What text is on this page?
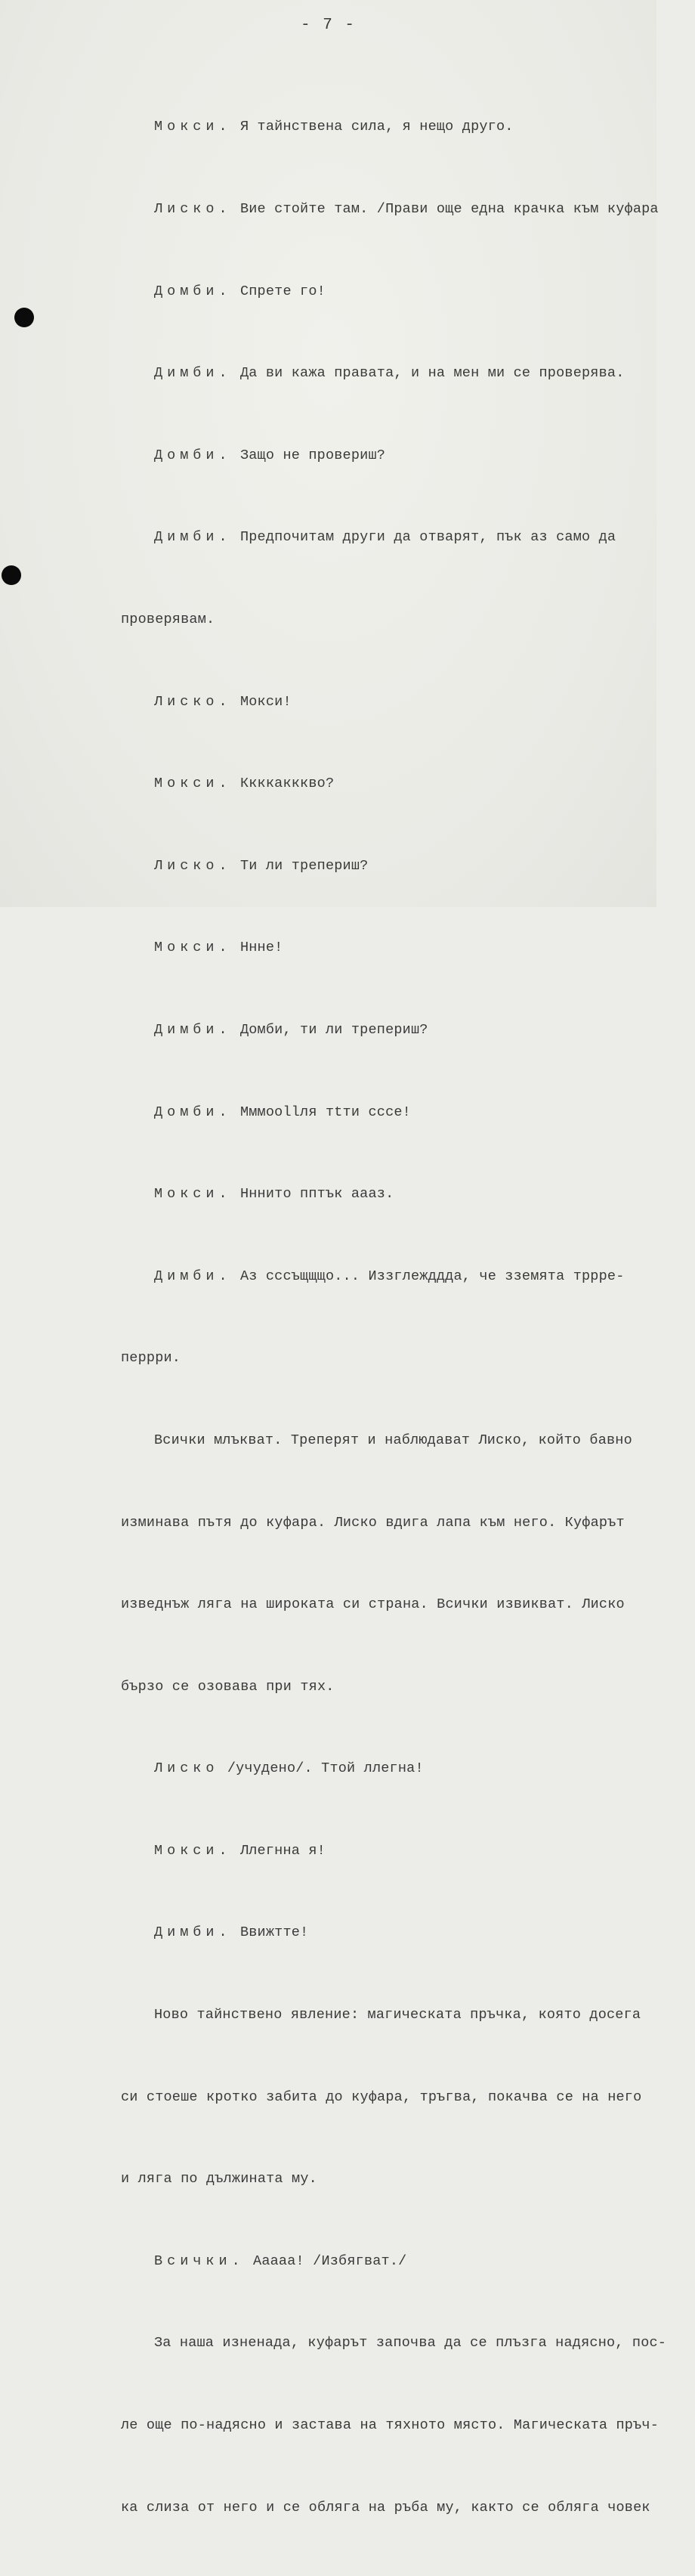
- 7 -

Мокси. Я тайнствена сила, я нещо друго.

Лиско. Вие стойте там. /Прави още една крачка към куфара

Домби. Спрете го!

Димби. Да ви кажа правата, и на мен ми се проверява.

Домби. Защо не провериш?

Димби. Предпочитам други да отварят, пък аз само да

проверявам.

Лиско. Мокси!

Мокси. Ккккакккво?

Лиско. Ти ли трепериш?

Мокси. Ннне!

Димби. Домби, ти ли трепериш?

Домби. Мммоollля тtти ссcе!

Мокси. Нннито пптък aaaз.

Димби. Аз сссъщщщо... Иззглежддда, че ззeмята тррре-

перрри.

Всички млъкват. Треперят и наблюдават Лиско, който бавно

изминава пътя до куфара. Лиско вдига лапа към него. Куфарът

изведнъж ляга на широката си страна. Всички извикват. Лиско

бързо се озовава при тях.

Лиско /учудено/. Ттой ллегна!

Мокси. Ллегнна я!

Димби. Ввижтте!

Ново тайнствено явление: магическата пръчка, която досега

си стоеше кротко забита до куфара, тръгва, покачва се на него

и ляга по дължината му.

Всички. Ааааа! /Избягват./

За наша изненада, куфарът започва да се плъзга надясно, пос-

ле още по-надясно и застава на тяхното място. Магическата пръч-

ка слиза от него и се обляга на ръба му, както се обляга човек
